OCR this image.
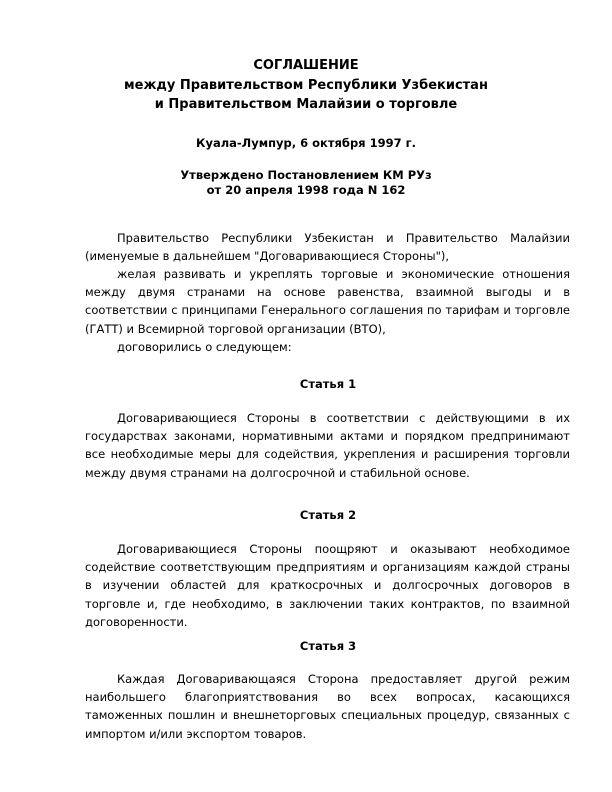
СОГЛАШЕНИЕ
между Правительством Республики Узбекистан
и Правительством Малайзии о торговле
Куала-Лумпур, 6 октября 1997 г.
Утверждено Постановлением КМ РУз
от 20 апреля 1998 года N 162

Правительство Республики Узбекистан и Правительство Малайзии (именуемые в дальнейшем "Договаривающиеся Стороны"),

желая развивать и укреплять торговые и экономические отношения между двумя странами на основе равенства, взаимной выгоды и в соответствии с принципами Генерального соглашения по тарифам и торговле (ГАТТ) и Всемирной торговой организации (ВТО),

договорились о следующем:

Статья 1

Договаривающиеся Стороны в соответствии с действующими в их государствах законами, нормативными актами и порядком предпринимают все необходимые меры для содействия, укрепления и расширения торговли между двумя странами на долгосрочной и стабильной основе.

Статья 2

Договаривающиеся Стороны поощряют и оказывают необходимое содействие соответствующим предприятиям и организациям каждой страны в изучении областей для краткосрочных и долгосрочных договоров в торговле и, где необходимо, в заключении таких контрактов, по взаимной договоренности.

Статья 3

Каждая Договаривающаяся Сторона предоставляет другой режим наибольшего благоприятствования во всех вопросах, касающихся таможенных пошлин и внешнеторговых специальных процедур, связанных с импортом и/или экспортом товаров.
